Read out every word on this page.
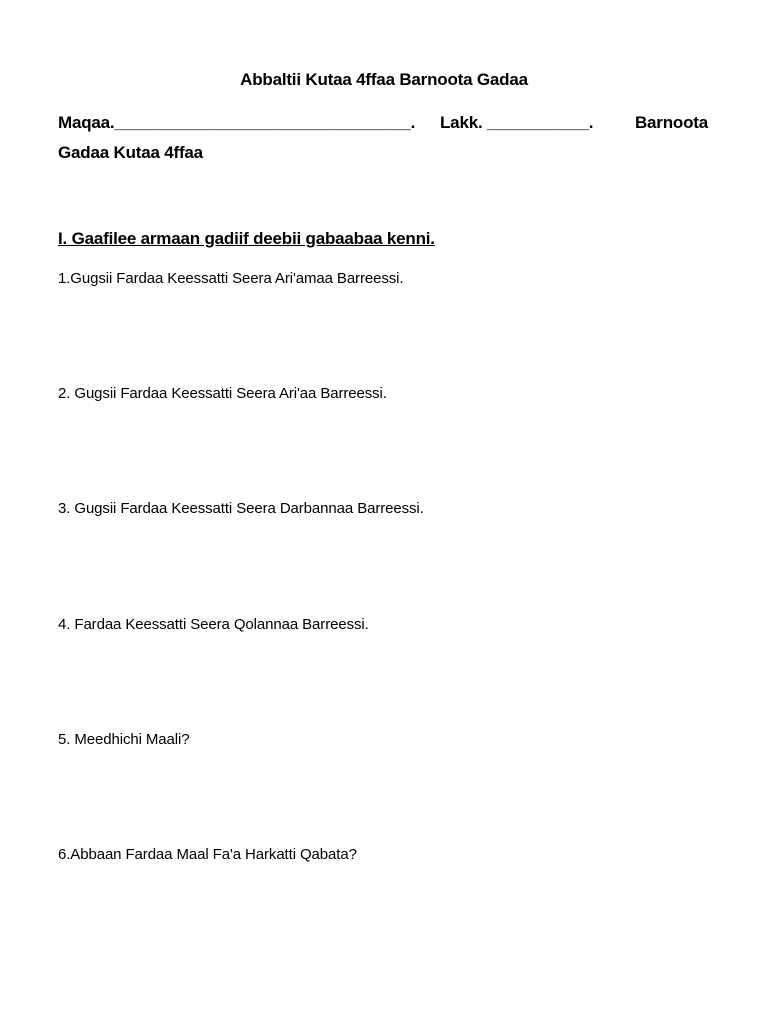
Abbaltii Kutaa 4ffaa Barnoota Gadaa
Maqaa.________________________________. Lakk. ___________. Barnoota
Gadaa Kutaa 4ffaa
I. Gaafilee armaan gadiif deebii gabaabaa kenni.
1.Gugsii Fardaa Keessatti Seera Ari'amaa Barreessi.
2. Gugsii Fardaa Keessatti Seera Ari'aa Barreessi.
3. Gugsii Fardaa Keessatti Seera Darbannaa Barreessi.
4. Fardaa Keessatti Seera Qolannaa Barreessi.
5. Meedhichi Maali?
6.Abbaan Fardaa Maal Fa'a Harkatti Qabata?
